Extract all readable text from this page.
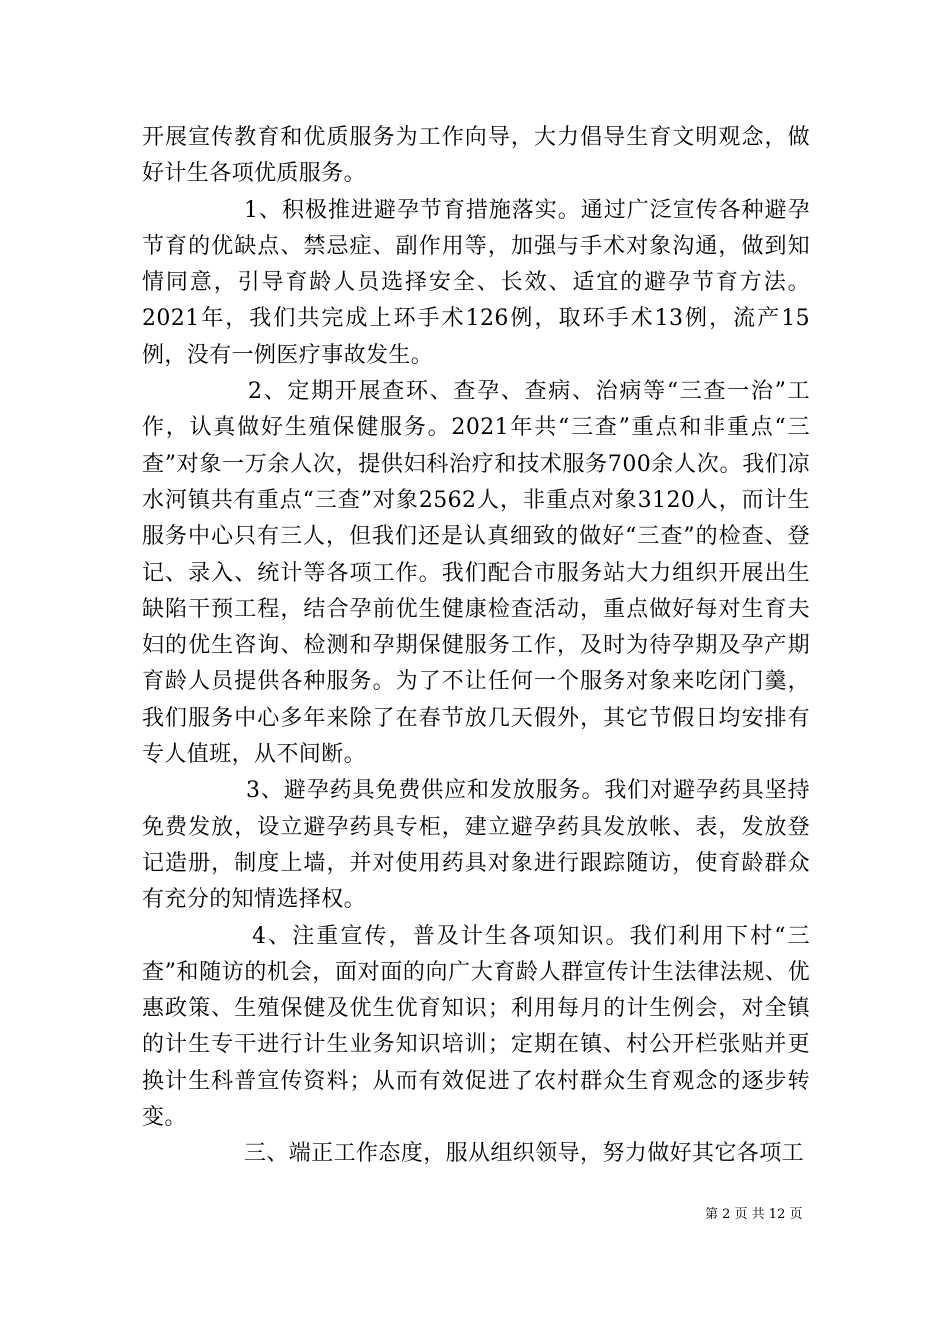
开展宣传教育和优质服务为工作向导，大力倡导生育文明观念，做好计生各项优质服务。

1、积极推进避孕节育措施落实。通过广泛宣传各种避孕节育的优缺点、禁忌症、副作用等，加强与手术对象沟通，做到知情同意，引导育龄人员选择安全、长效、适宜的避孕节育方法。2021年，我们共完成上环手术126例，取环手术13例，流产15例，没有一例医疗事故发生。

2、定期开展查环、查孕、查病、治病等“三查一治”工作，认真做好生殖保健服务。2021年共“三查”重点和非重点“三查”对象一万余人次，提供妇科治疗和技术服务700余人次。我们凉水河镇共有重点“三查”对象2562人，非重点对象3120人，而计生服务中心只有三人，但我们还是认真细致的做好“三查”的检查、登记、录入、统计等各项工作。我们配合市服务站大力组织开展出生缺陷干预工程，结合孕前优生健康检查活动，重点做好每对生育夫妇的优生咨询、检测和孕期保健服务工作，及时为待孕期及孕产期育龄人员提供各种服务。为了不让任何一个服务对象来吃闭门羹，我们服务中心多年来除了在春节放几天假外，其它节假日均安排有专人值班，从不间断。

3、避孕药具免费供应和发放服务。我们对避孕药具坚持免费发放，设立避孕药具专柜，建立避孕药具发放帐、表，发放登记造册，制度上墙，并对使用药具对象进行跟踪随访，使育龄群众有充分的知情选择权。

4、注重宣传，普及计生各项知识。我们利用下村“三查”和随访的机会，面对面的向广大育龄人群宣传计生法律法规、优惠政策、生殖保健及优生优育知识；利用每月的计生例会，对全镇的计生专干进行计生业务知识培训；定期在镇、村公开栏张贴并更换计生科普宣传资料；从而有效促进了农村群众生育观念的逐步转变。

三、端正工作态度，服从组织领导，努力做好其它各项工

第 2 页 共 12 页
